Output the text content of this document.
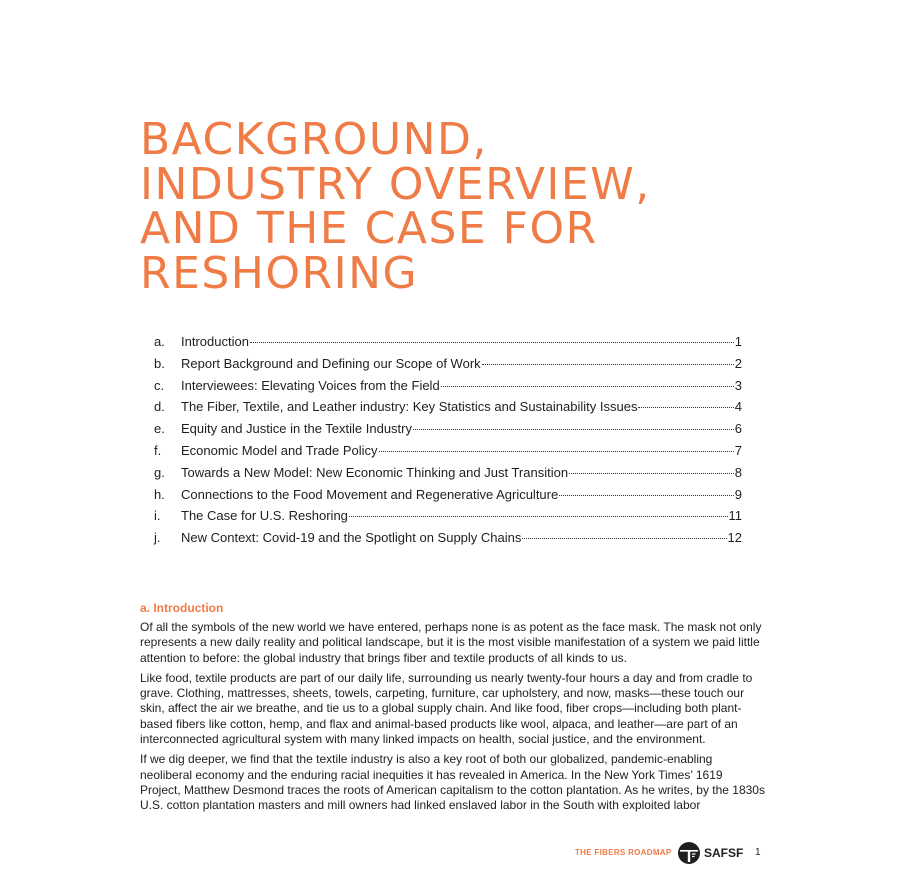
BACKGROUND,
INDUSTRY OVERVIEW,
AND THE CASE FOR
RESHORING
a.	Introduction	1
b.	Report Background and Defining our Scope of Work	2
c.	Interviewees: Elevating Voices from the Field	3
d.	The Fiber, Textile, and Leather industry: Key Statistics and Sustainability Issues	4
e.	Equity and Justice in the Textile Industry	6
f.	Economic Model and Trade Policy	7
g.	Towards a New Model: New Economic Thinking and Just Transition	8
h.	Connections to the Food Movement and Regenerative Agriculture	9
i.	The Case for U.S. Reshoring	11
j.	New Context: Covid-19 and the Spotlight on Supply Chains	12
a. Introduction

Of all the symbols of the new world we have entered, perhaps none is as potent as the face mask. The mask not only represents a new daily reality and political landscape, but it is the most visible manifestation of a system we paid little attention to before: the global industry that brings fiber and textile products of all kinds to us.

Like food, textile products are part of our daily life, surrounding us nearly twenty-four hours a day and from cradle to grave. Clothing, mattresses, sheets, towels, carpeting, furniture, car upholstery, and now, masks—these touch our skin, affect the air we breathe, and tie us to a global supply chain. And like food, fiber crops—including both plant-based fibers like cotton, hemp, and flax and animal-based products like wool, alpaca, and leather—are part of an interconnected agricultural system with many linked impacts on health, social justice, and the environment.

If we dig deeper, we find that the textile industry is also a key root of both our globalized, pandemic-enabling neoliberal economy and the enduring racial inequities it has revealed in America. In the New York Times’ 1619 Project, Matthew Desmond traces the roots of American capitalism to the cotton plantation. As he writes, by the 1830s U.S. cotton plantation masters and mill owners had linked enslaved labor in the South with exploited labor

THE FIBERS ROADMAP	SAFSF 1
